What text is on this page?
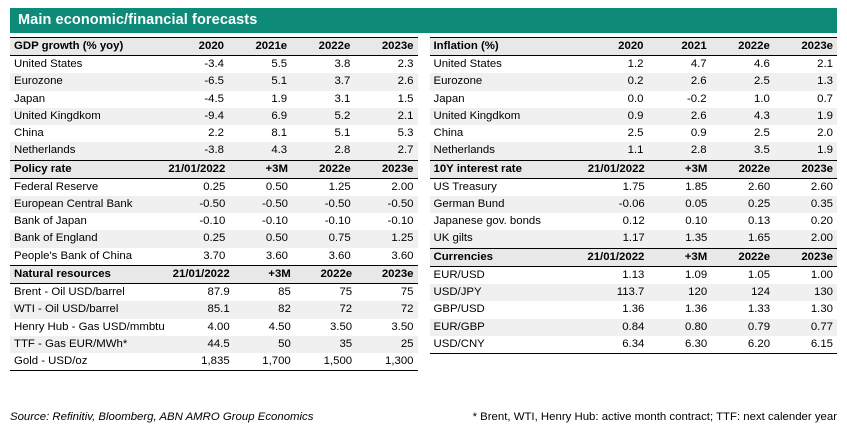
Main economic/financial forecasts
GDP growth (% yoy)	2020	2021e	2022e	2023e
United States	-3.4	5.5	3.8	2.3
Eurozone	-6.5	5.1	3.7	2.6
Japan	-4.5	1.9	3.1	1.5
United Kingdkom	-9.4	6.9	5.2	2.1
China	2.2	8.1	5.1	5.3
Netherlands	-3.8	4.3	2.8	2.7
Policy rate	21/01/2022	+3M	2022e	2023e
Federal Reserve	0.25	0.50	1.25	2.00
European Central Bank	-0.50	-0.50	-0.50	-0.50
Bank of Japan	-0.10	-0.10	-0.10	-0.10
Bank of England	0.25	0.50	0.75	1.25
People's Bank of China	3.70	3.60	3.60	3.60
Natural resources	21/01/2022	+3M	2022e	2023e
Brent - Oil USD/barrel	87.9	85	75	75
WTI - Oil USD/barrel	85.1	82	72	72
Henry Hub - Gas USD/mmbtu	4.00	4.50	3.50	3.50
TTF - Gas EUR/MWh*	44.5	50	35	25
Gold - USD/oz	1,835	1,700	1,500	1,300
Inflation (%)	2020	2021	2022e	2023e
United States	1.2	4.7	4.6	2.1
Eurozone	0.2	2.6	2.5	1.3
Japan	0.0	-0.2	1.0	0.7
United Kingdkom	0.9	2.6	4.3	1.9
China	2.5	0.9	2.5	2.0
Netherlands	1.1	2.8	3.5	1.9
10Y interest rate	21/01/2022	+3M	2022e	2023e
US Treasury	1.75	1.85	2.60	2.60
German Bund	-0.06	0.05	0.25	0.35
Japanese gov. bonds	0.12	0.10	0.13	0.20
UK gilts	1.17	1.35	1.65	2.00
Currencies	21/01/2022	+3M	2022e	2023e
EUR/USD	1.13	1.09	1.05	1.00
USD/JPY	113.7	120	124	130
GBP/USD	1.36	1.36	1.33	1.30
EUR/GBP	0.84	0.80	0.79	0.77
USD/CNY	6.34	6.30	6.20	6.15
Source: Refinitiv, Bloomberg, ABN AMRO Group Economics	* Brent, WTI, Henry Hub: active month contract; TTF: next calender year
